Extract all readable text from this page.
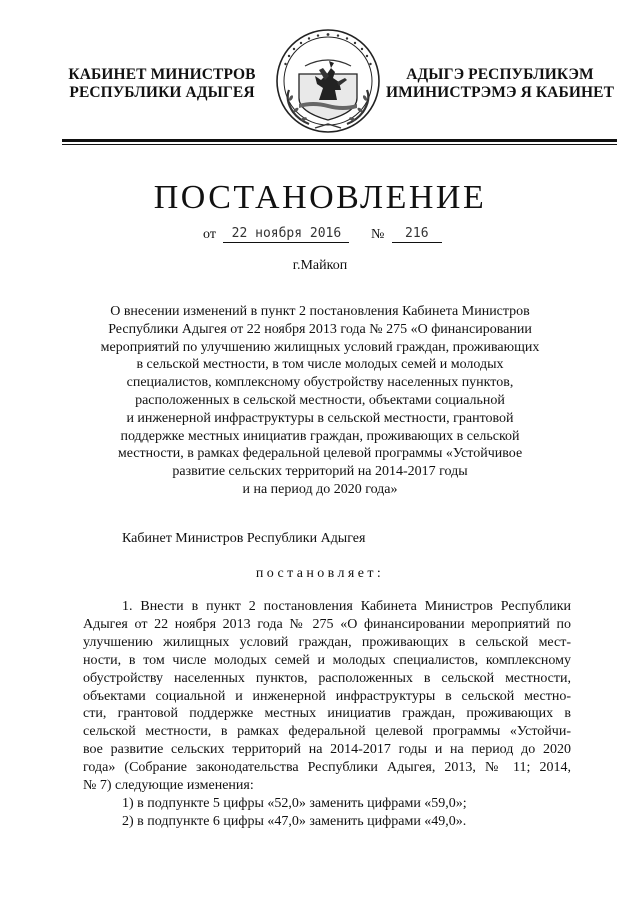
КАБИНЕТ МИНИСТРОВ
РЕСПУБЛИКИ АДЫГЕЯ
АДЫГЭ РЕСПУБЛИКЭМ
ИМИНИСТРЭМЭ Я КАБИНЕТ
ПОСТАНОВЛЕНИЕ
от 22 ноября 2016 № 216
г.Майкоп
О внесении изменений в пункт 2 постановления Кабинета Министров
Республики Адыгея от 22 ноября 2013 года № 275 «О финансировании
мероприятий по улучшению жилищных условий граждан, проживающих
в сельской местности, в том числе молодых семей и молодых
специалистов, комплексному обустройству населенных пунктов,
расположенных в сельской местности, объектами социальной
и инженерной инфраструктуры в сельской местности, грантовой
поддержке местных инициатив граждан, проживающих в сельской
местности, в рамках федеральной целевой программы «Устойчивое
развитие сельских территорий на 2014-2017 годы
и на период до 2020 года»
Кабинет Министров Республики Адыгея
постановляет:
1. Внести в пункт 2 постановления Кабинета Министров Республики
Адыгея от 22 ноября 2013 года № 275 «О финансировании мероприятий по
улучшению жилищных условий граждан, проживающих в сельской мест-
ности, в том числе молодых семей и молодых специалистов, комплексному
обустройству населенных пунктов, расположенных в сельской местности,
объектами социальной и инженерной инфраструктуры в сельской местно-
сти, грантовой поддержке местных инициатив граждан, проживающих в
сельской местности, в рамках федеральной целевой программы «Устойчи-
вое развитие сельских территорий на 2014-2017 годы и на период до 2020
года» (Собрание законодательства Республики Адыгея, 2013, № 11; 2014,
№ 7) следующие изменения:
1) в подпункте 5 цифры «52,0» заменить цифрами «59,0»;
2) в подпункте 6 цифры «47,0» заменить цифрами «49,0».
